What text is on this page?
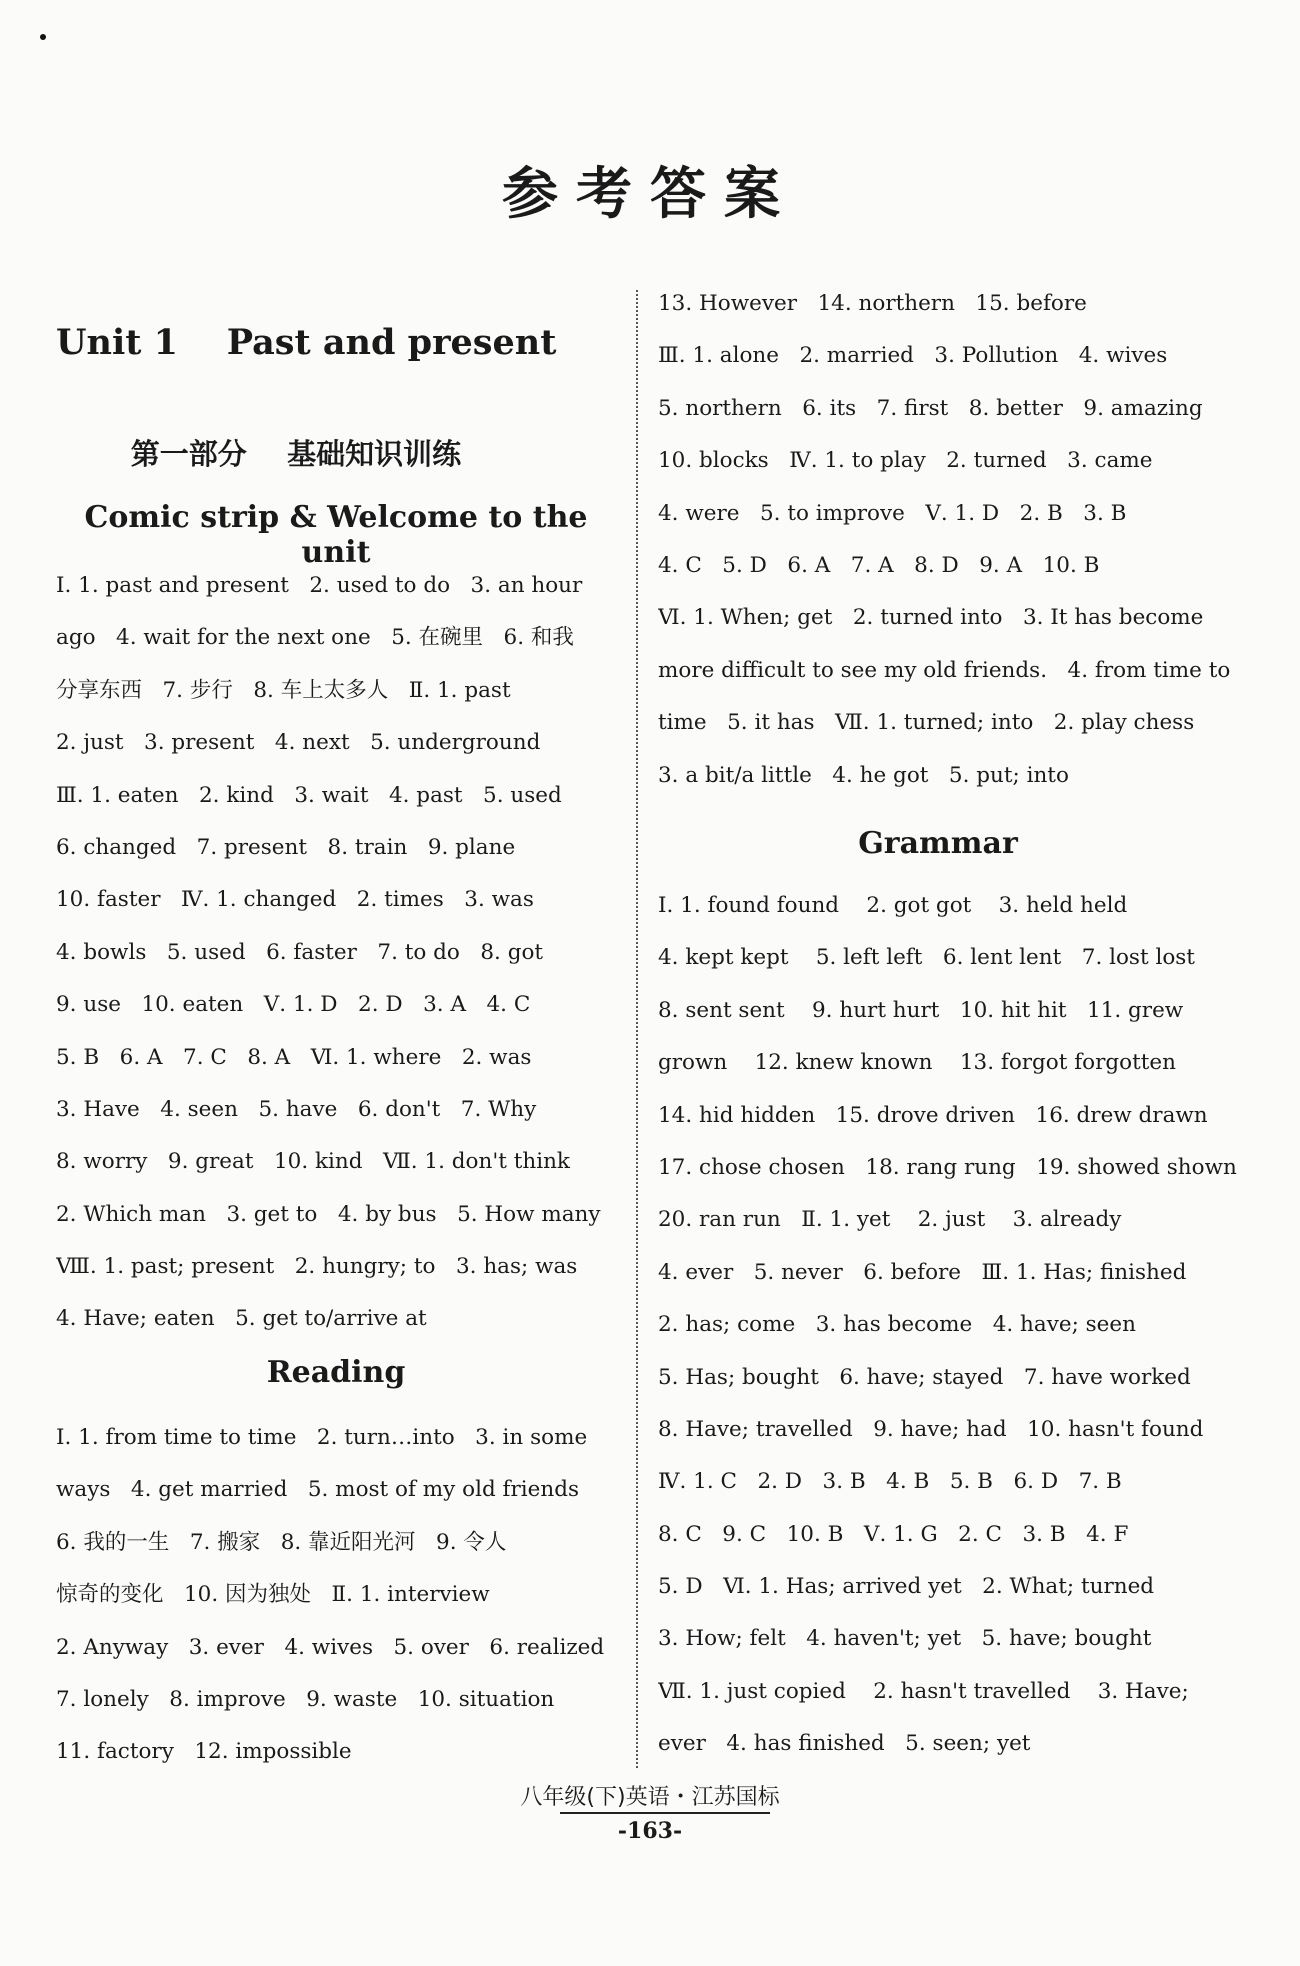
参考答案
Unit 1    Past and present
第一部分    基础知识训练
Comic strip & Welcome to the unit
Ⅰ. 1. past and present   2. used to do   3. an hour
ago   4. wait for the next one   5. 在碗里   6. 和我
分享东西   7. 步行   8. 车上太多人   Ⅱ. 1. past
2. just   3. present   4. next   5. underground
Ⅲ. 1. eaten   2. kind   3. wait   4. past   5. used
6. changed   7. present   8. train   9. plane
10. faster   Ⅳ. 1. changed   2. times   3. was
4. bowls   5. used   6. faster   7. to do   8. got
9. use   10. eaten   Ⅴ. 1. D   2. D   3. A   4. C
5. B   6. A   7. C   8. A   Ⅵ. 1. where   2. was
3. Have   4. seen   5. have   6. don't   7. Why
8. worry   9. great   10. kind   Ⅶ. 1. don't think
2. Which man   3. get to   4. by bus   5. How many
Ⅷ. 1. past; present   2. hungry; to   3. has; was
4. Have; eaten   5. get to/arrive at
Reading
Ⅰ. 1. from time to time   2. turn…into   3. in some
ways   4. get married   5. most of my old friends
6. 我的一生   7. 搬家   8. 靠近阳光河   9. 令人
惊奇的变化   10. 因为独处   Ⅱ. 1. interview
2. Anyway   3. ever   4. wives   5. over   6. realized
7. lonely   8. improve   9. waste   10. situation
11. factory   12. impossible
13. However   14. northern   15. before
Ⅲ. 1. alone   2. married   3. Pollution   4. wives
5. northern   6. its   7. first   8. better   9. amazing
10. blocks   Ⅳ. 1. to play   2. turned   3. came
4. were   5. to improve   Ⅴ. 1. D   2. B   3. B
4. C   5. D   6. A   7. A   8. D   9. A   10. B
Ⅵ. 1. When; get   2. turned into   3. It has become
more difficult to see my old friends.   4. from time to
time   5. it has   Ⅶ. 1. turned; into   2. play chess
3. a bit/a little   4. he got   5. put; into
Grammar
Ⅰ. 1. found found    2. got got    3. held held
4. kept kept    5. left left   6. lent lent   7. lost lost
8. sent sent    9. hurt hurt   10. hit hit   11. grew
grown    12. knew known    13. forgot forgotten
14. hid hidden   15. drove driven   16. drew drawn
17. chose chosen   18. rang rung   19. showed shown
20. ran run   Ⅱ. 1. yet    2. just    3. already
4. ever   5. never   6. before   Ⅲ. 1. Has; finished
2. has; come   3. has become   4. have; seen
5. Has; bought   6. have; stayed   7. have worked
8. Have; travelled   9. have; had   10. hasn't found
Ⅳ. 1. C   2. D   3. B   4. B   5. B   6. D   7. B
8. C   9. C   10. B   Ⅴ. 1. G   2. C   3. B   4. F
5. D   Ⅵ. 1. Has; arrived yet   2. What; turned
3. How; felt   4. haven't; yet   5. have; bought
Ⅶ. 1. just copied    2. hasn't travelled    3. Have;
ever   4. has finished   5. seen; yet
八年级(下)英语・江苏国标
-163-
